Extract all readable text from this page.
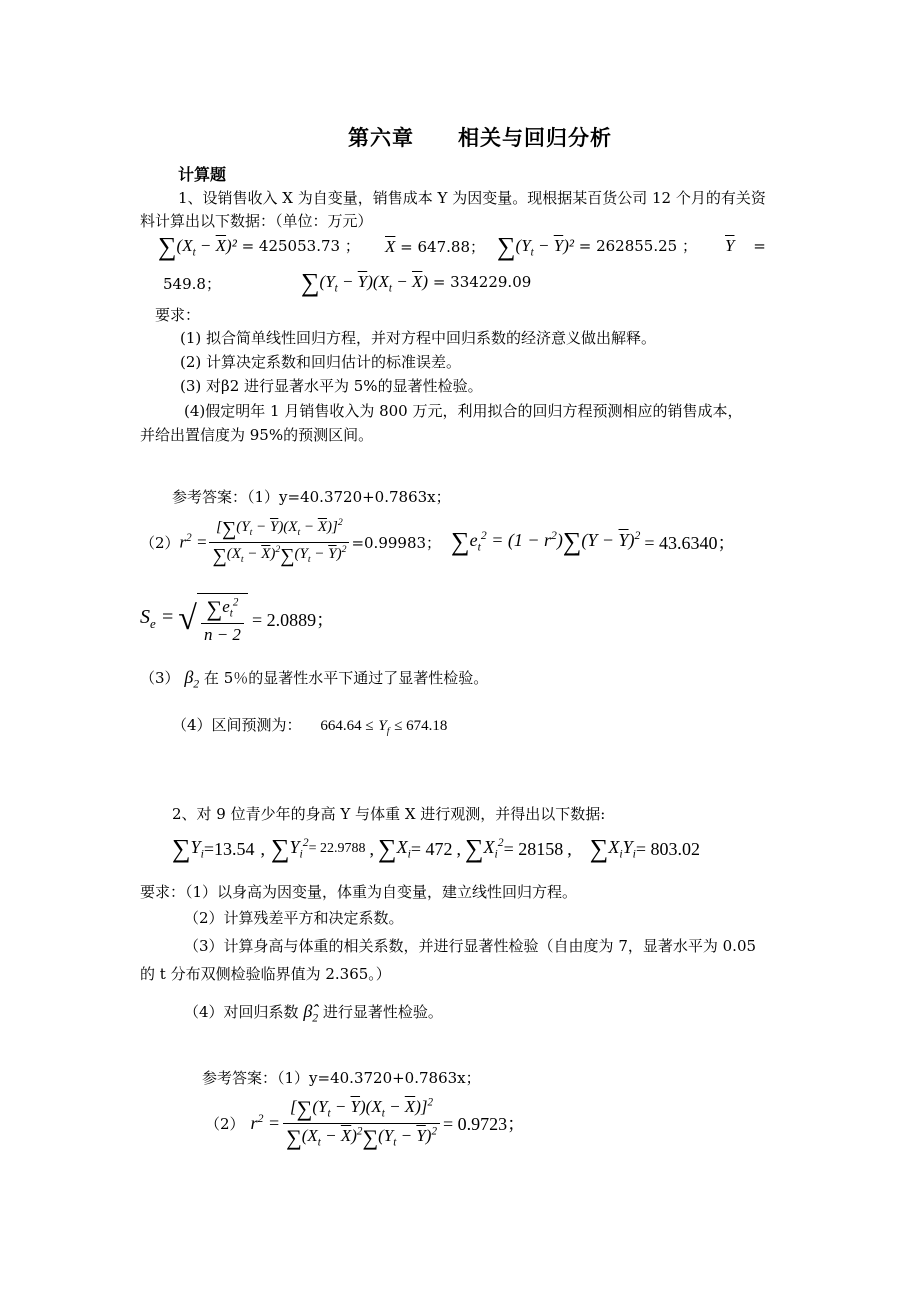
第六章　　相关与回归分析
计算题
1、设销售收入 X 为自变量，销售成本 Y 为因变量。现根据某百货公司 12 个月的有关资
料计算出以下数据：（单位：万元）
$\sum(X_t - \overline{X})^2 = 425053.73$ ； $\overline{X} = 647.88$； $\sum(Y_t - \overline{Y})^2 = 262855.25$ ； $\overline{Y}$ =
549.8；	$\sum(Y_t - \overline{Y})(X_t - \overline{X}) = 334229.09$
要求：
(1) 拟合简单线性回归方程，并对方程中回归系数的经济意义做出解释。
(2) 计算决定系数和回归估计的标准误差。
(3) 对β2 进行显著水平为 5%的显著性检验。
(4)假定明年 1 月销售收入为 800 万元，利用拟合的回归方程预测相应的销售成本，
并给出置信度为 95%的预测区间。
参考答案：（1）y=40.3720+0.7863x；
（2） $r^2 = \frac{[\sum(Y_t - \overline{Y})(X_t - \overline{X})]^2}{\sum(X_t - \overline{X})^2\sum(Y_t - \overline{Y})^2} =0.99983$； $\sum e_t^2 = (1 - r^2)\sum(Y - \overline{Y})^2 = 43.6340$；
$S_e$ = √ $\frac{\sum e_t^2}{n - 2} = 2.0889$；
（3） $\beta_2$ 在 5％的显著性水平下通过了显著性检验。
（4）区间预测为： $664.64 \le Y_f \le 674.18$
2、对 9 位青少年的身高 Y 与体重 X 进行观测，并得出以下数据:
$\sum Y_i =13.54$ , $\sum Y_i^2 = 22.9788$ , $\sum X_i = 472$ , $\sum X_i^2 = 28158$ , $\sum X_iY_i = 803.02$
要求：（1）以身高为因变量，体重为自变量，建立线性回归方程。
（2）计算残差平方和决定系数。
（3）计算身高与体重的相关系数，并进行显著性检验（自由度为 7，显著水平为 0.05
的 t 分布双侧检验临界值为 2.365。）
（4）对回归系数 $\betâ_2$ 进行显著性检验。
参考答案：（1）y=40.3720+0.7863x；
（2） $r^2 = \frac{[\sum(Y_t - \overline{Y})(X_t - \overline{X})]^2}{\sum(X_t - \overline{X})^2\sum(Y_t - \overline{Y})^2} = 0.9723$；
